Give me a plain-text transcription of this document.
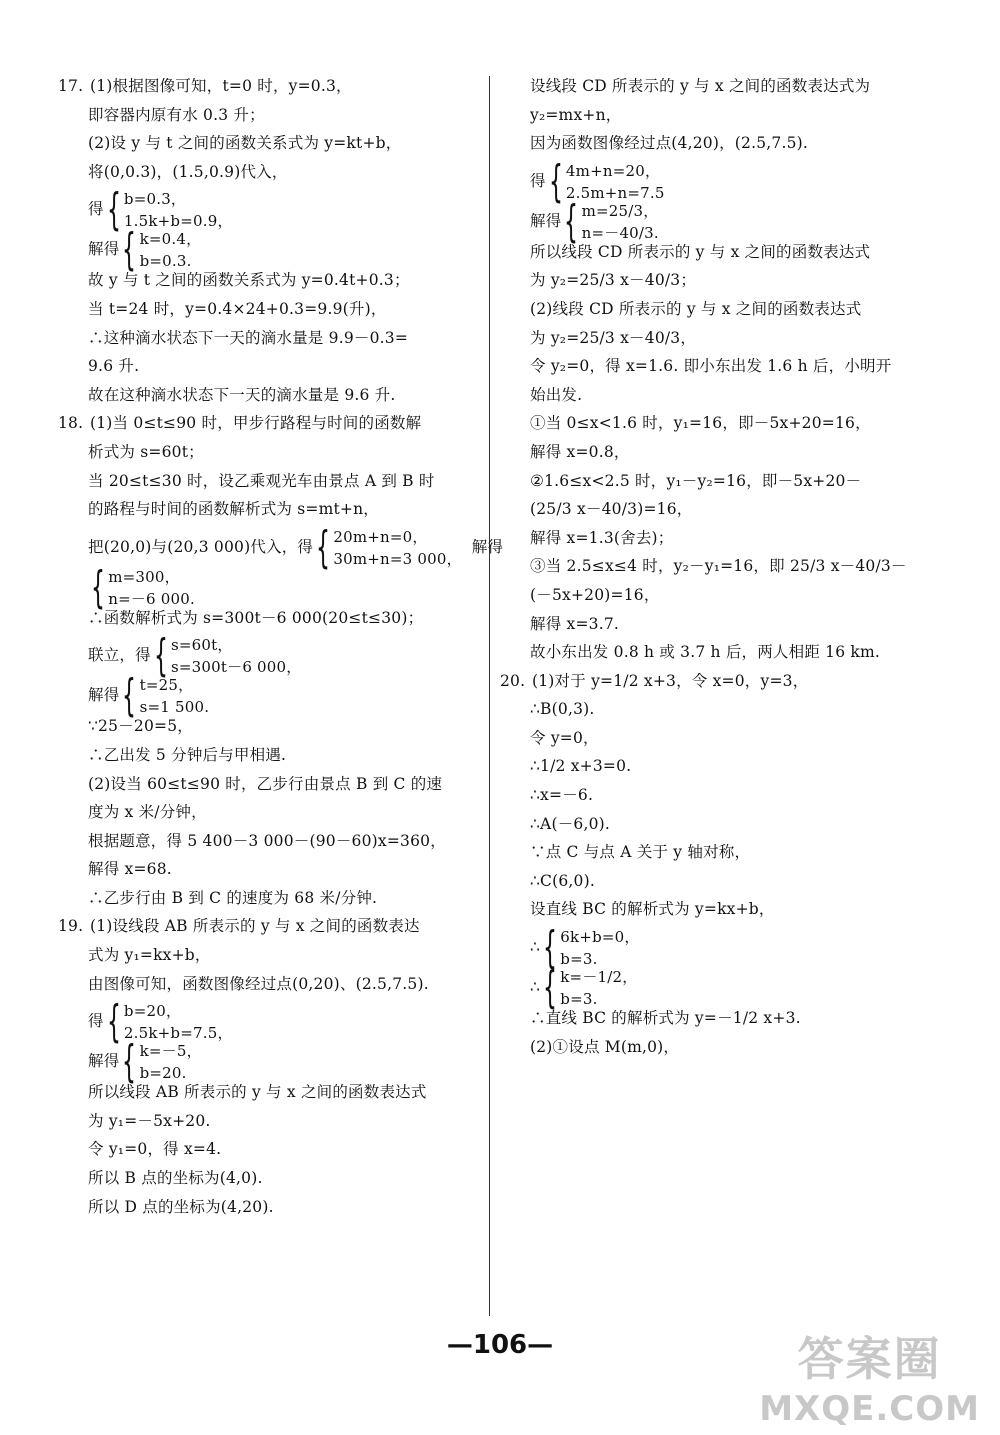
17. (1)根据图像可知，t=0 时，y=0.3，
即容器内原有水 0.3 升；
(2)设 y 与 t 之间的函数关系式为 y=kt+b，
将(0,0.3)，(1.5,0.9)代入，
得 { b=0.3，
1.5k+b=0.9，
解得 { k=0.4，
b=0.3.
故 y 与 t 之间的函数关系式为 y=0.4t+0.3；
当 t=24 时，y=0.4×24+0.3=9.9(升)，
∴这种滴水状态下一天的滴水量是 9.9－0.3=
9.6 升.
故在这种滴水状态下一天的滴水量是 9.6 升.
18. (1)当 0≤t≤90 时，甲步行路程与时间的函数解
析式为 s=60t；
当 20≤t≤30 时，设乙乘观光车由景点 A 到 B 时
的路程与时间的函数解析式为 s=mt+n，
把(20,0)与(20,3 000)代入，得 { 20m+n=0，
30m+n=3 000，
解得
{ m=300，
n=－6 000.
∴函数解析式为 s=300t－6 000(20≤t≤30)；
联立，得 { s=60t，
s=300t－6 000，
解得 { t=25，
s=1 500.
∵25－20=5，
∴乙出发 5 分钟后与甲相遇.
(2)设当 60≤t≤90 时，乙步行由景点 B 到 C 的速
度为 x 米/分钟，
根据题意，得 5 400－3 000－(90－60)x=360，
解得 x=68.
∴乙步行由 B 到 C 的速度为 68 米/分钟.
19. (1)设线段 AB 所表示的 y 与 x 之间的函数表达
式为 y₁=kx+b，
由图像可知，函数图像经过点(0,20)、(2.5,7.5).
得 { b=20，
2.5k+b=7.5，
解得 { k=－5，
b=20.
所以线段 AB 所表示的 y 与 x 之间的函数表达式
为 y₁=－5x+20.
令 y₁=0，得 x=4.
所以 B 点的坐标为(4,0).
所以 D 点的坐标为(4,20).
设线段 CD 所表示的 y 与 x 之间的函数表达式为
y₂=mx+n，
因为函数图像经过点(4,20)，(2.5,7.5).
得 { 4m+n=20，
2.5m+n=7.5
解得 { m=25/3，
n=－40/3.
所以线段 CD 所表示的 y 与 x 之间的函数表达式
为 y₂=25/3 x－40/3；
(2)线段 CD 所表示的 y 与 x 之间的函数表达式
为 y₂=25/3 x－40/3，
令 y₂=0，得 x=1.6. 即小东出发 1.6 h 后，小明开
始出发.
①当 0≤x<1.6 时，y₁=16，即－5x+20=16，
解得 x=0.8，
②1.6≤x<2.5 时，y₁－y₂=16，即－5x+20－
(25/3 x－40/3)=16，
解得 x=1.3(舍去)；
③当 2.5≤x≤4 时，y₂－y₁=16，即 25/3 x－40/3－
(－5x+20)=16，
解得 x=3.7.
故小东出发 0.8 h 或 3.7 h 后，两人相距 16 km.
20. (1)对于 y=1/2 x+3，令 x=0，y=3，
∴B(0,3).
令 y=0，
∴1/2 x+3=0.
∴x=－6.
∴A(－6,0).
∵点 C 与点 A 关于 y 轴对称，
∴C(6,0).
设直线 BC 的解析式为 y=kx+b，
∴ { 6k+b=0，
b=3.
∴ { k=－1/2，
b=3.
∴直线 BC 的解析式为 y=－1/2 x+3.
(2)①设点 M(m,0)，
—106—	答案圈
MXQE.COM
